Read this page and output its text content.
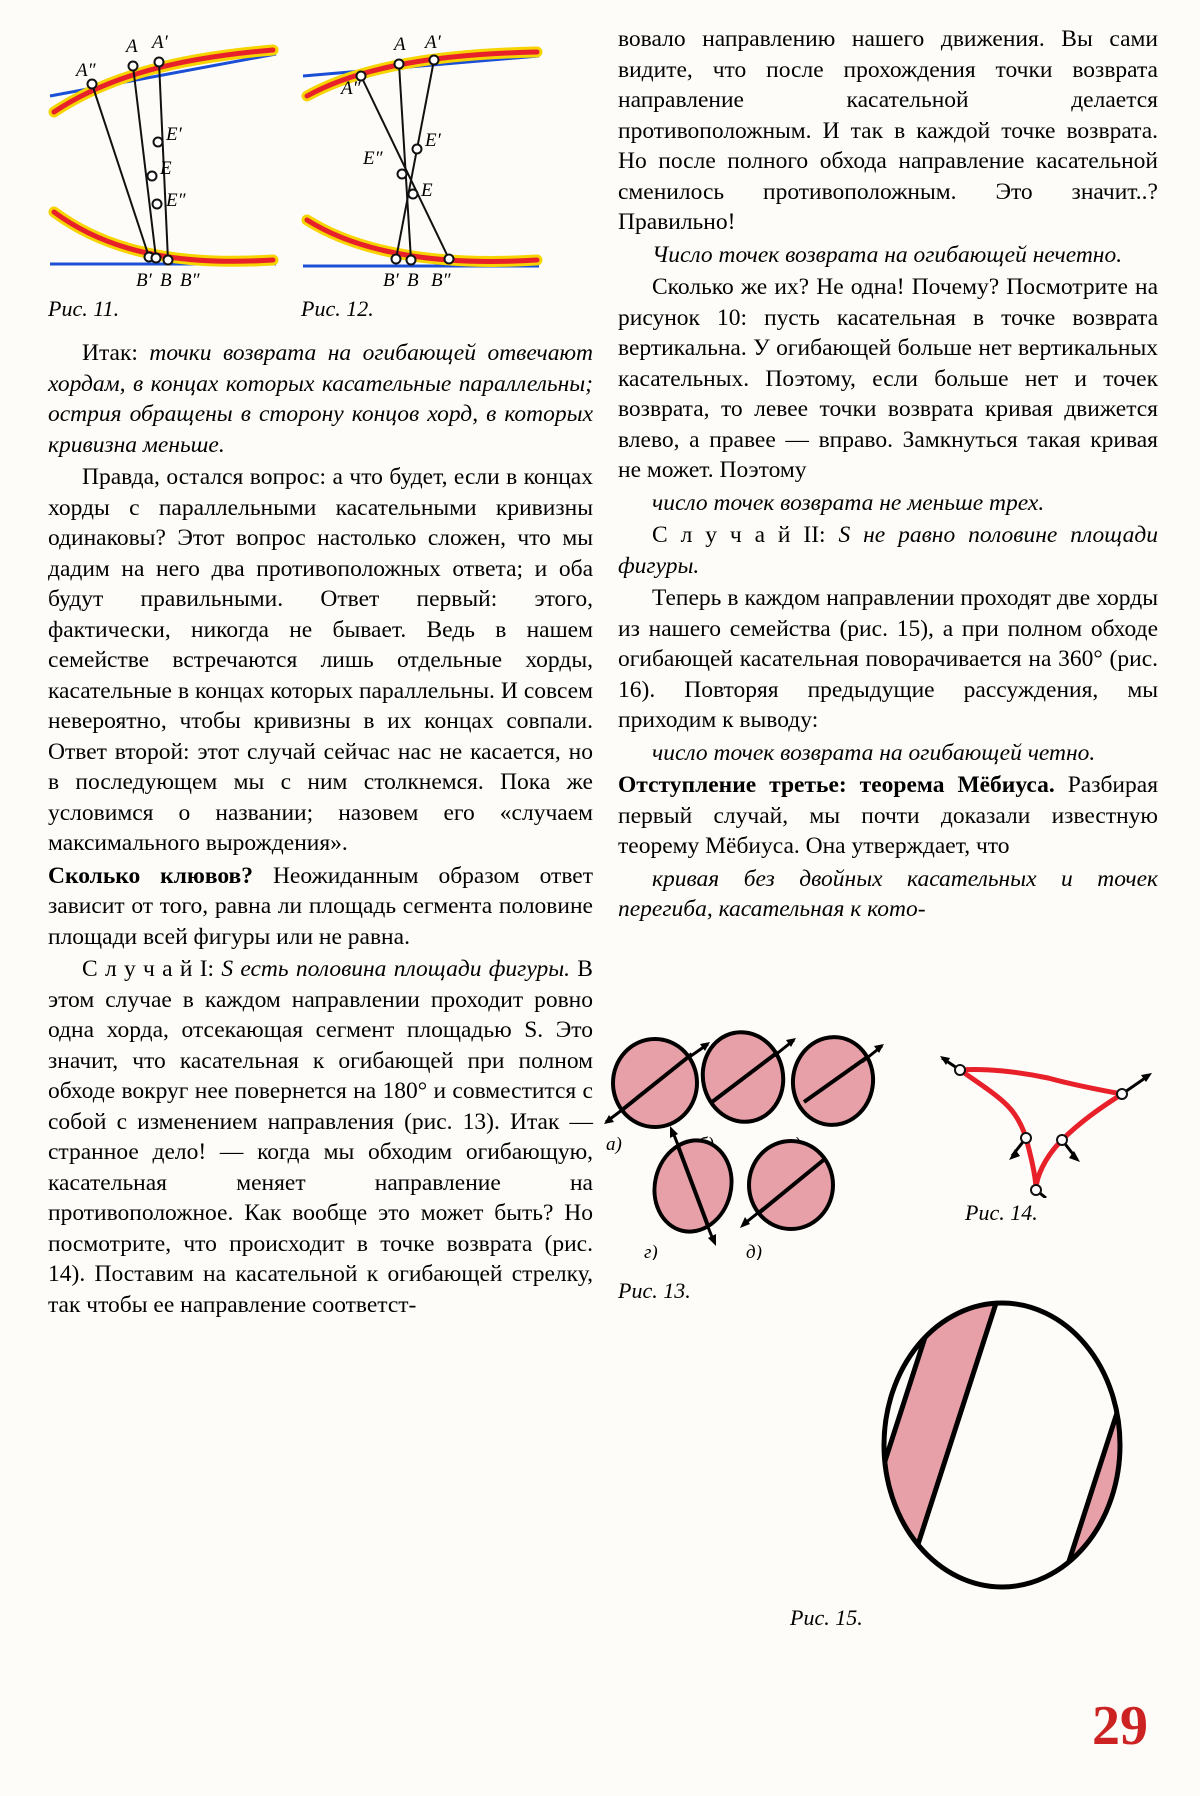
A A′
A″
E′
E
E″
B′ B B″
A A′
A″
E′
E″
E
B′ B B″
Рис. 11.	Рис. 12.

Итак: точки возврата на огибающей отвечают хордам, в концах которых касательные параллельны; острия обращены в сторону концов хорд, в которых кривизна меньше.

Правда, остался вопрос: а что будет, если в концах хорды с параллельными касательными кривизны одинаковы? Этот вопрос настолько сложен, что мы дадим на него два противоположных ответа; и оба будут правильными. Ответ первый: этого, фактически, никогда не бывает. Ведь в нашем семействе встречаются лишь отдельные хорды, касательные в концах которых параллельны. И совсем невероятно, чтобы кривизны в их концах совпали. Ответ второй: этот случай сейчас нас не касается, но в последующем мы с ним столкнемся. Пока же условимся о названии; назовем его «случаем максимального вырождения».

Сколько клювов? Неожиданным образом ответ зависит от того, равна ли площадь сегмента половине площади всей фигуры или не равна.

С л у ч а й I: S есть половина площади фигуры. В этом случае в каждом направлении проходит ровно одна хорда, отсекающая сегмент площадью S. Это значит, что касательная к огибающей при полном обходе вокруг нее повернется на 180° и совместится с собой с изменением направления (рис. 13). Итак — странное дело! — когда мы обходим огибающую, касательная меняет направление на противоположное. Как вообще это может быть? Но посмотрите, что происходит в точке возврата (рис. 14). Поставим на касательной к огибающей стрелку, так чтобы ее направление соответст-

вовало направлению нашего движения. Вы сами видите, что после прохождения точки возврата направление касательной делается противоположным. И так в каждой точке возврата. Но после полного обхода направление касательной сменилось противоположным. Это значит..? Правильно!

Число точек возврата на огибающей нечетно.

Сколько же их? Не одна! Почему? Посмотрите на рисунок 10: пусть касательная в точке возврата вертикальна. У огибающей больше нет вертикальных касательных. Поэтому, если больше нет и точек возврата, то левее точки возврата кривая движется влево, а правее — вправо. Замкнуться такая кривая не может. Поэтому

число точек возврата не меньше трех.

С л у ч а й II: S не равно половине площади фигуры.

Теперь в каждом направлении проходят две хорды из нашего семейства (рис. 15), а при полном обходе огибающей касательная поворачивается на 360° (рис. 16). Повторяя предыдущие рассуждения, мы приходим к выводу:

число точек возврата на огибающей четно.

Отступление третье: теорема Мёбиуса. Разбирая первый случай, мы почти доказали известную теорему Мёбиуса. Она утверждает, что

кривая без двойных касательных и точек перегиба, касательная к кото-

а)
г)	д)
Рис. 13.
Рис. 14.
Рис. 15.
29
